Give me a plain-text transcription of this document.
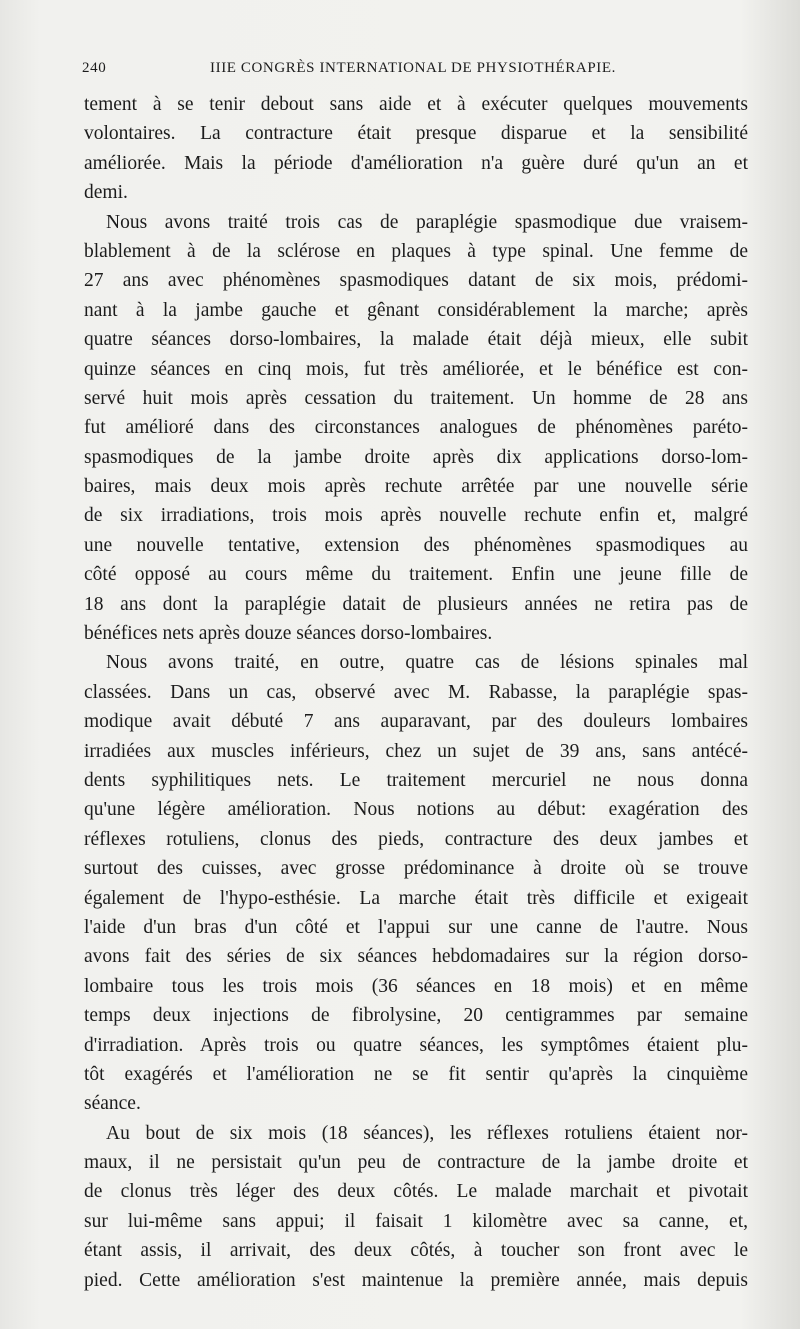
240	IIIE CONGRÈS INTERNATIONAL DE PHYSIOTHÉRAPIE.
tement à se tenir debout sans aide et à exécuter quelques mouvements
volontaires. La contracture était presque disparue et la sensibilité
améliorée. Mais la période d'amélioration n'a guère duré qu'un an et
demi.
Nous avons traité trois cas de paraplégie spasmodique due vraisem-
blablement à de la sclérose en plaques à type spinal. Une femme de
27 ans avec phénomènes spasmodiques datant de six mois, prédomi-
nant à la jambe gauche et gênant considérablement la marche; après
quatre séances dorso-lombaires, la malade était déjà mieux, elle subit
quinze séances en cinq mois, fut très améliorée, et le bénéfice est con-
servé huit mois après cessation du traitement. Un homme de 28 ans
fut amélioré dans des circonstances analogues de phénomènes parétо-
spasmodiques de la jambe droite après dix applications dorso-lom-
baires, mais deux mois après rechute arrêtée par une nouvelle série
de six irradiations, trois mois après nouvelle rechute enfin et, malgré
une nouvelle tentative, extension des phénomènes spasmodiques au
côté opposé au cours même du traitement. Enfin une jeune fille de
18 ans dont la paraplégie datait de plusieurs années ne retira pas de
bénéfices nets après douze séances dorso-lombaires.
Nous avons traité, en outre, quatre cas de lésions spinales mal
classées. Dans un cas, observé avec M. Rabasse, la paraplégie spas-
modique avait débuté 7 ans auparavant, par des douleurs lombaires
irradiées aux muscles inférieurs, chez un sujet de 39 ans, sans antécé-
dents syphilitiques nets. Le traitement mercuriel ne nous donna
qu'une légère amélioration. Nous notions au début: exagération des
réflexes rotuliens, clonus des pieds, contracture des deux jambes et
surtout des cuisses, avec grosse prédominance à droite où se trouve
également de l'hypo-esthésie. La marche était très difficile et exigeait
l'aide d'un bras d'un côté et l'appui sur une canne de l'autre. Nous
avons fait des séries de six séances hebdomadaires sur la région dorso-
lombaire tous les trois mois (36 séances en 18 mois) et en même
temps deux injections de fibrolysine, 20 centigrammes par semaine
d'irradiation. Après trois ou quatre séances, les symptômes étaient plu-
tôt exagérés et l'amélioration ne se fit sentir qu'après la cinquième
séance.
Au bout de six mois (18 séances), les réflexes rotuliens étaient nor-
maux, il ne persistait qu'un peu de contracture de la jambe droite et
de clonus très léger des deux côtés. Le malade marchait et pivotait
sur lui-même sans appui; il faisait 1 kilomètre avec sa canne, et,
étant assis, il arrivait, des deux côtés, à toucher son front avec le
pied. Cette amélioration s'est maintenue la première année, mais depuis
